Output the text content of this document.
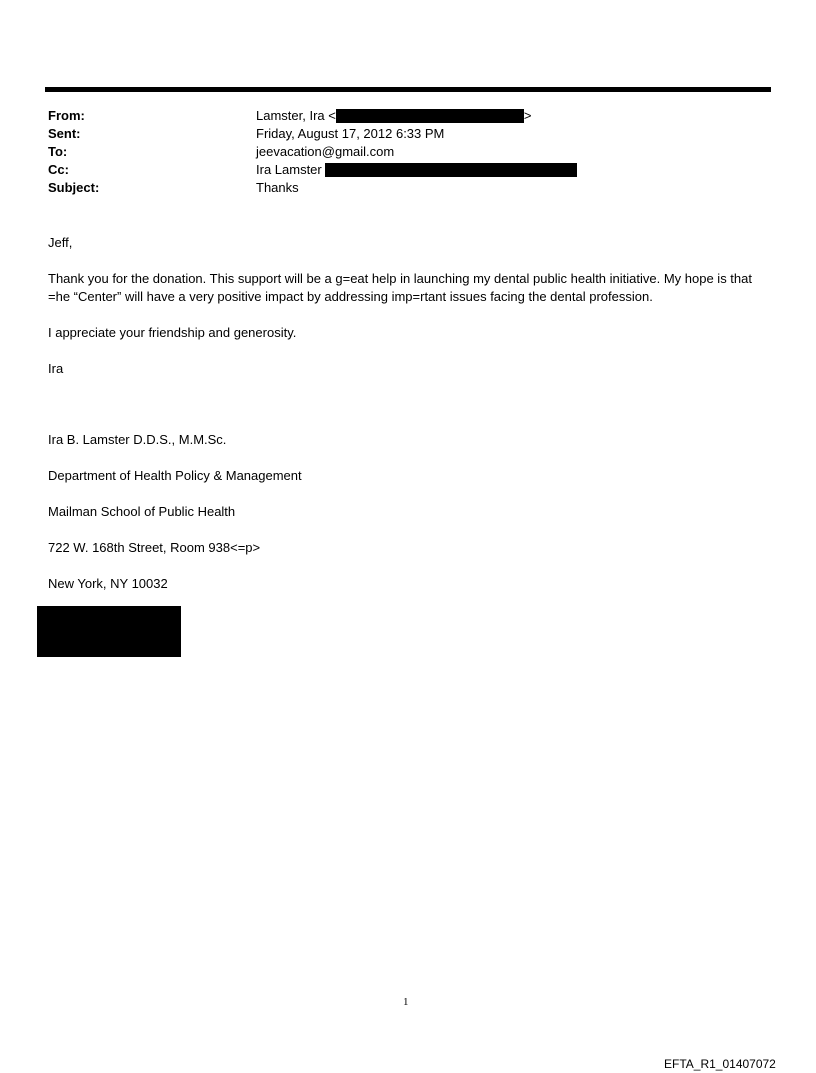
From:	Lamster, Ira <	>
Sent:	Friday, August 17, 2012 6:33 PM
To:	jeevacation@gmail.com
Cc:	Ira Lamster
Subject:	Thanks

Jeff,

Thank you for the donation. This support will be a g=eat help in launching my dental public health initiative. My hope is that =he “Center” will have a very positive impact by addressing imp=rtant issues facing the dental profession.

I appreciate your friendship and generosity.

Ira

Ira B. Lamster D.D.S., M.M.Sc.

Department of Health Policy & Management

Mailman School of Public Health

722 W. 168th Street, Room 938<=p>

New York, NY 10032

1
EFTA_R1_01407072
